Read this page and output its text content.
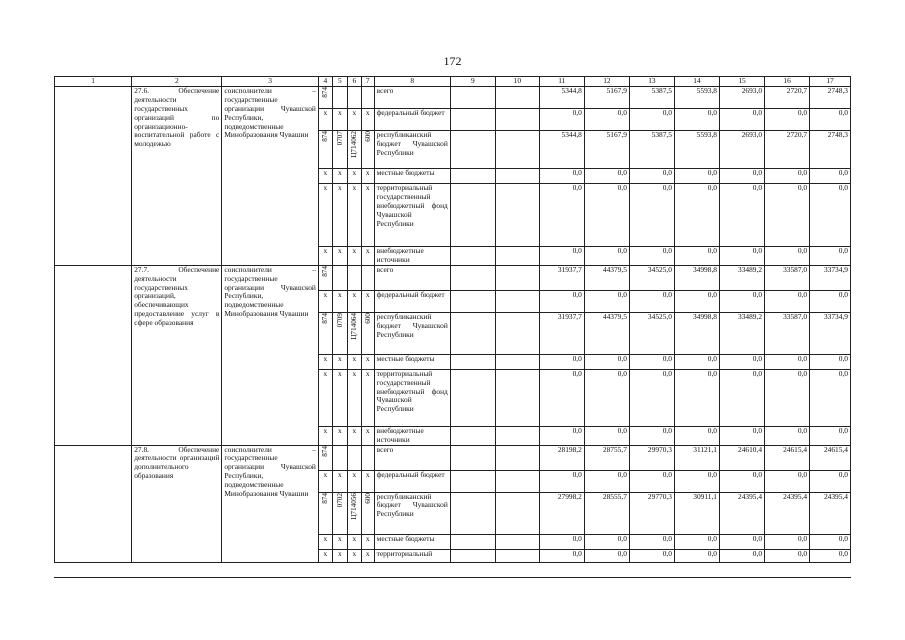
172
1	2	3	4	5	6	7	8	9	10	11	12	13	14	15	16	17
	27.6. Обеспечение деятельности государственных организаций по организационно-воспитательной работе с молодежью	соисполнители – государственные организации Чувашской Республики, подведомственные Минобразования Чувашии	874				всего			5344,8	5167,9	5387,5	5593,8	2693,0	2720,7	2748,3
			x	x	x	x	федеральный бюджет			0,0	0,0	0,0	0,0	0,0	0,0	0,0

			874	0707	Ц714062	600	республиканский бюджет Чувашской Республики			5344,8	5167,9	5387,5	5593,8	2693,0	2720,7	2748,3
			x	x	x	x	местные бюджеты			0,0	0,0	0,0	0,0	0,0	0,0	0,0
			x	x	x	x	территориальный государственный внебюджетный фонд Чувашской Республики			0,0	0,0	0,0	0,0	0,0	0,0	0,0
			x	x	x	x	внебюджетные источники			0,0	0,0	0,0	0,0	0,0	0,0	0,0
	27.7. Обеспечение деятельности государственных организаций, обеспечивающих предоставление услуг в сфере образования	соисполнители – государственные организации Чувашской Республики, подведомственные Минобразования Чувашии	874				всего			31937,7	44379,5	34525,0	34998,8	33489,2	33587,0	33734,9
			x	x	x	x	федеральный бюджет			0,0	0,0	0,0	0,0	0,0	0,0	0,0

			874	0709	Ц714064	600	республиканский бюджет Чувашской Республики			31937,7	44379,5	34525,0	34998,8	33489,2	33587,0	33734,9
			x	x	x	x	местные бюджеты			0,0	0,0	0,0	0,0	0,0	0,0	0,0
			x	x	x	x	территориальный государственный внебюджетный фонд Чувашской Республики			0,0	0,0	0,0	0,0	0,0	0,0	0,0
			x	x	x	x	внебюджетные источники			0,0	0,0	0,0	0,0	0,0	0,0	0,0
	27.8. Обеспечение деятельности организаций дополнительного образования	соисполнители – государственные организации Чувашской Республики, подведомственные Минобразования Чувашии	874				всего			28198,2	28755,7	29970,3	31121,1	24610,4	24615,4	24615,4
			x	x	x	x	федеральный бюджет			0,0	0,0	0,0	0,0	0,0	0,0	0,0

			874	0702	Ц714056	600	республиканский бюджет Чувашской Республики			27998,2	28555,7	29770,3	30911,1	24395,4	24395,4	24395,4
			x	x	x	x	местные бюджеты			0,0	0,0	0,0	0,0	0,0	0,0	0,0
			x	x	x	x	территориальный			0,0	0,0	0,0	0,0	0,0	0,0	0,0
